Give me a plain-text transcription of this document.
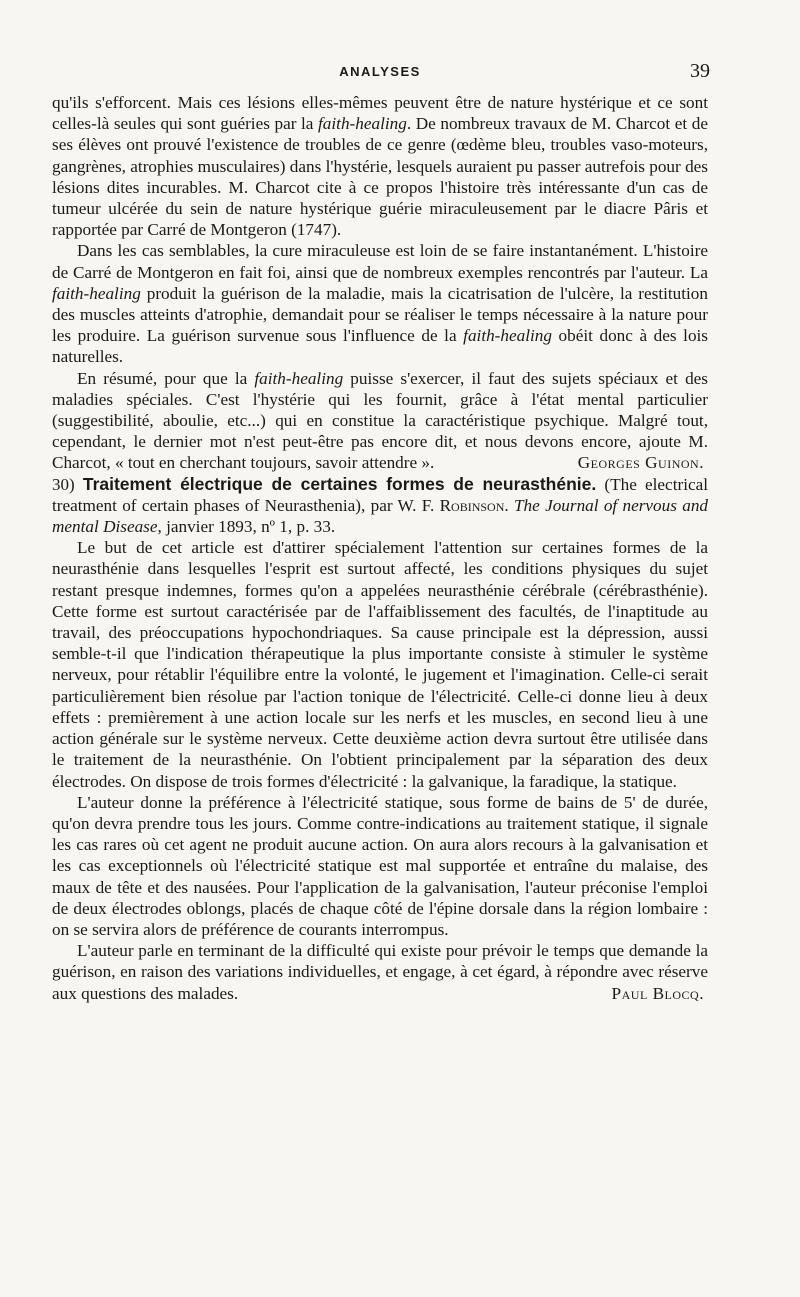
ANALYSES	39

qu'ils s'efforcent. Mais ces lésions elles-mêmes peuvent être de nature hystérique et ce sont celles-là seules qui sont guéries par la faith-healing. De nombreux travaux de M. Charcot et de ses élèves ont prouvé l'existence de troubles de ce genre (œdème bleu, troubles vaso-moteurs, gangrènes, atrophies musculaires) dans l'hystérie, lesquels auraient pu passer autrefois pour des lésions dites incurables. M. Charcot cite à ce propos l'histoire très intéressante d'un cas de tumeur ulcérée du sein de nature hystérique guérie miraculeusement par le diacre Pâris et rapportée par Carré de Montgeron (1747).

Dans les cas semblables, la cure miraculeuse est loin de se faire instantanément. L'histoire de Carré de Montgeron en fait foi, ainsi que de nombreux exemples rencontrés par l'auteur. La faith-healing produit la guérison de la maladie, mais la cicatrisation de l'ulcère, la restitution des muscles atteints d'atrophie, demandait pour se réaliser le temps nécessaire à la nature pour les produire. La guérison survenue sous l'influence de la faith-healing obéit donc à des lois naturelles.

En résumé, pour que la faith-healing puisse s'exercer, il faut des sujets spéciaux et des maladies spéciales. C'est l'hystérie qui les fournit, grâce à l'état mental particulier (suggestibilité, aboulie, etc...) qui en constitue la caractéristique psychique. Malgré tout, cependant, le dernier mot n'est peut-être pas encore dit, et nous devons encore, ajoute M. Charcot, « tout en cherchant toujours, savoir attendre ».	Georges Guinon.

30) Traitement électrique de certaines formes de neurasthénie. (The electrical treatment of certain phases of Neurasthenia), par W. F. Robinson. The Journal of nervous and mental Disease, janvier 1893, nº 1, p. 33.

Le but de cet article est d'attirer spécialement l'attention sur certaines formes de la neurasthénie dans lesquelles l'esprit est surtout affecté, les conditions physiques du sujet restant presque indemnes, formes qu'on a appelées neurasthénie cérébrale (cérébrasthénie). Cette forme est surtout caractérisée par de l'affaiblissement des facultés, de l'inaptitude au travail, des préoccupations hypochondriaques. Sa cause principale est la dépression, aussi semble-t-il que l'indication thérapeutique la plus importante consiste à stimuler le système nerveux, pour rétablir l'équilibre entre la volonté, le jugement et l'imagination. Celle-ci serait particulièrement bien résolue par l'action tonique de l'électricité. Celle-ci donne lieu à deux effets : premièrement à une action locale sur les nerfs et les muscles, en second lieu à une action générale sur le système nerveux. Cette deuxième action devra surtout être utilisée dans le traitement de la neurasthénie. On l'obtient principalement par la séparation des deux électrodes. On dispose de trois formes d'électricité : la galvanique, la faradique, la statique.

L'auteur donne la préférence à l'électricité statique, sous forme de bains de 5' de durée, qu'on devra prendre tous les jours. Comme contre-indications au traitement statique, il signale les cas rares où cet agent ne produit aucune action. On aura alors recours à la galvanisation et les cas exceptionnels où l'électricité statique est mal supportée et entraîne du malaise, des maux de tête et des nausées. Pour l'application de la galvanisation, l'auteur préconise l'emploi de deux électrodes oblongs, placés de chaque côté de l'épine dorsale dans la région lombaire : on se servira alors de préférence de courants interrompus.

L'auteur parle en terminant de la difficulté qui existe pour prévoir le temps que demande la guérison, en raison des variations individuelles, et engage, à cet égard, à répondre avec réserve aux questions des malades.	Paul Blocq.
